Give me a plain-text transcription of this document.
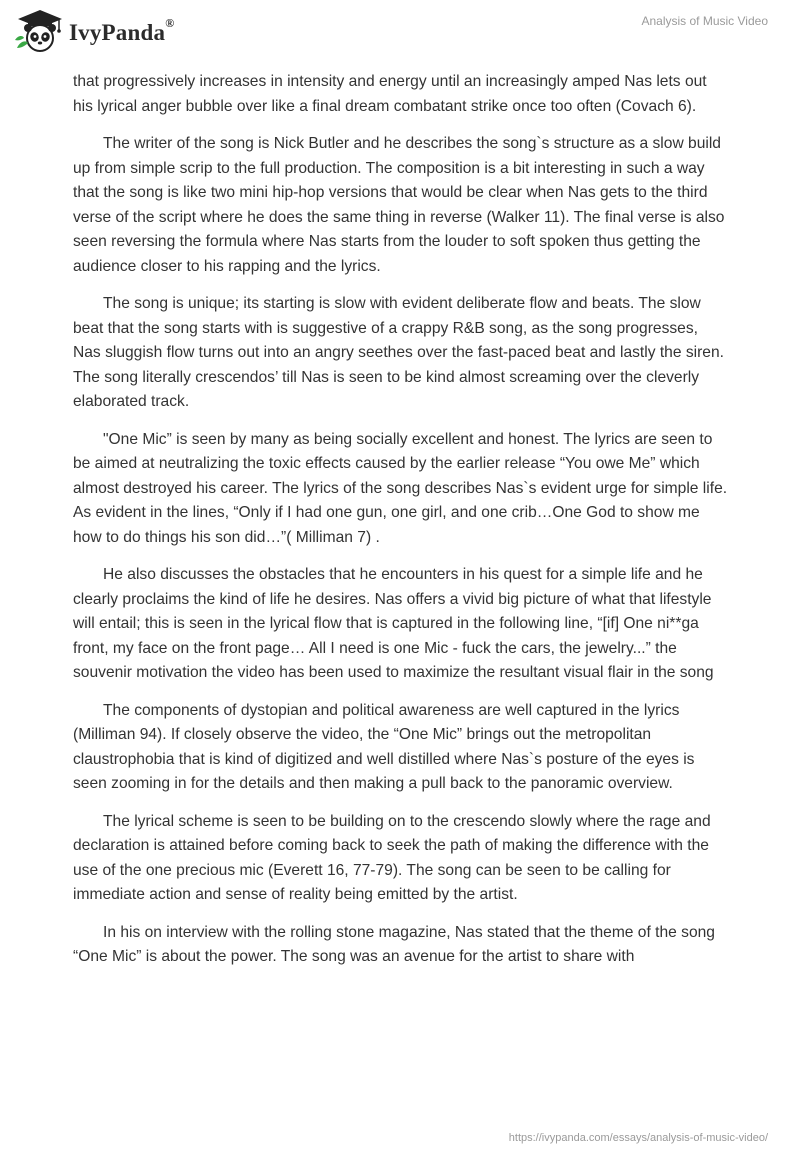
IvyPanda®	Analysis of Music Video

that progressively increases in intensity and energy until an increasingly amped Nas lets out his lyrical anger bubble over like a final dream combatant strike once too often (Covach 6).

The writer of the song is Nick Butler and he describes the song`s structure as a slow build up from simple scrip to the full production. The composition is a bit interesting in such a way that the song is like two mini hip-hop versions that would be clear when Nas gets to the third verse of the script where he does the same thing in reverse (Walker 11). The final verse is also seen reversing the formula where Nas starts from the louder to soft spoken thus getting the audience closer to his rapping and the lyrics.

The song is unique; its starting is slow with evident deliberate flow and beats. The slow beat that the song starts with is suggestive of a crappy R&B song, as the song progresses, Nas sluggish flow turns out into an angry seethes over the fast-paced beat and lastly the siren. The song literally crescendos’ till Nas is seen to be kind almost screaming over the cleverly elaborated track.

"One Mic” is seen by many as being socially excellent and honest. The lyrics are seen to be aimed at neutralizing the toxic effects caused by the earlier release “You owe Me” which almost destroyed his career. The lyrics of the song describes Nas`s evident urge for simple life. As evident in the lines, “Only if I had one gun, one girl, and one crib…One God to show me how to do things his son did…”( Milliman 7) .

He also discusses the obstacles that he encounters in his quest for a simple life and he clearly proclaims the kind of life he desires. Nas offers a vivid big picture of what that lifestyle will entail; this is seen in the lyrical flow that is captured in the following line, “[if] One ni**ga front, my face on the front page… All I need is one Mic - fuck the cars, the jewelry...” the souvenir motivation the video has been used to maximize the resultant visual flair in the song

The components of dystopian and political awareness are well captured in the lyrics (Milliman 94). If closely observe the video, the “One Mic” brings out the metropolitan claustrophobia that is kind of digitized and well distilled where Nas`s posture of the eyes is seen zooming in for the details and then making a pull back to the panoramic overview.

The lyrical scheme is seen to be building on to the crescendo slowly where the rage and declaration is attained before coming back to seek the path of making the difference with the use of the one precious mic (Everett 16, 77-79). The song can be seen to be calling for immediate action and sense of reality being emitted by the artist.

In his on interview with the rolling stone magazine, Nas stated that the theme of the song “One Mic” is about the power. The song was an avenue for the artist to share with

https://ivypanda.com/essays/analysis-of-music-video/
